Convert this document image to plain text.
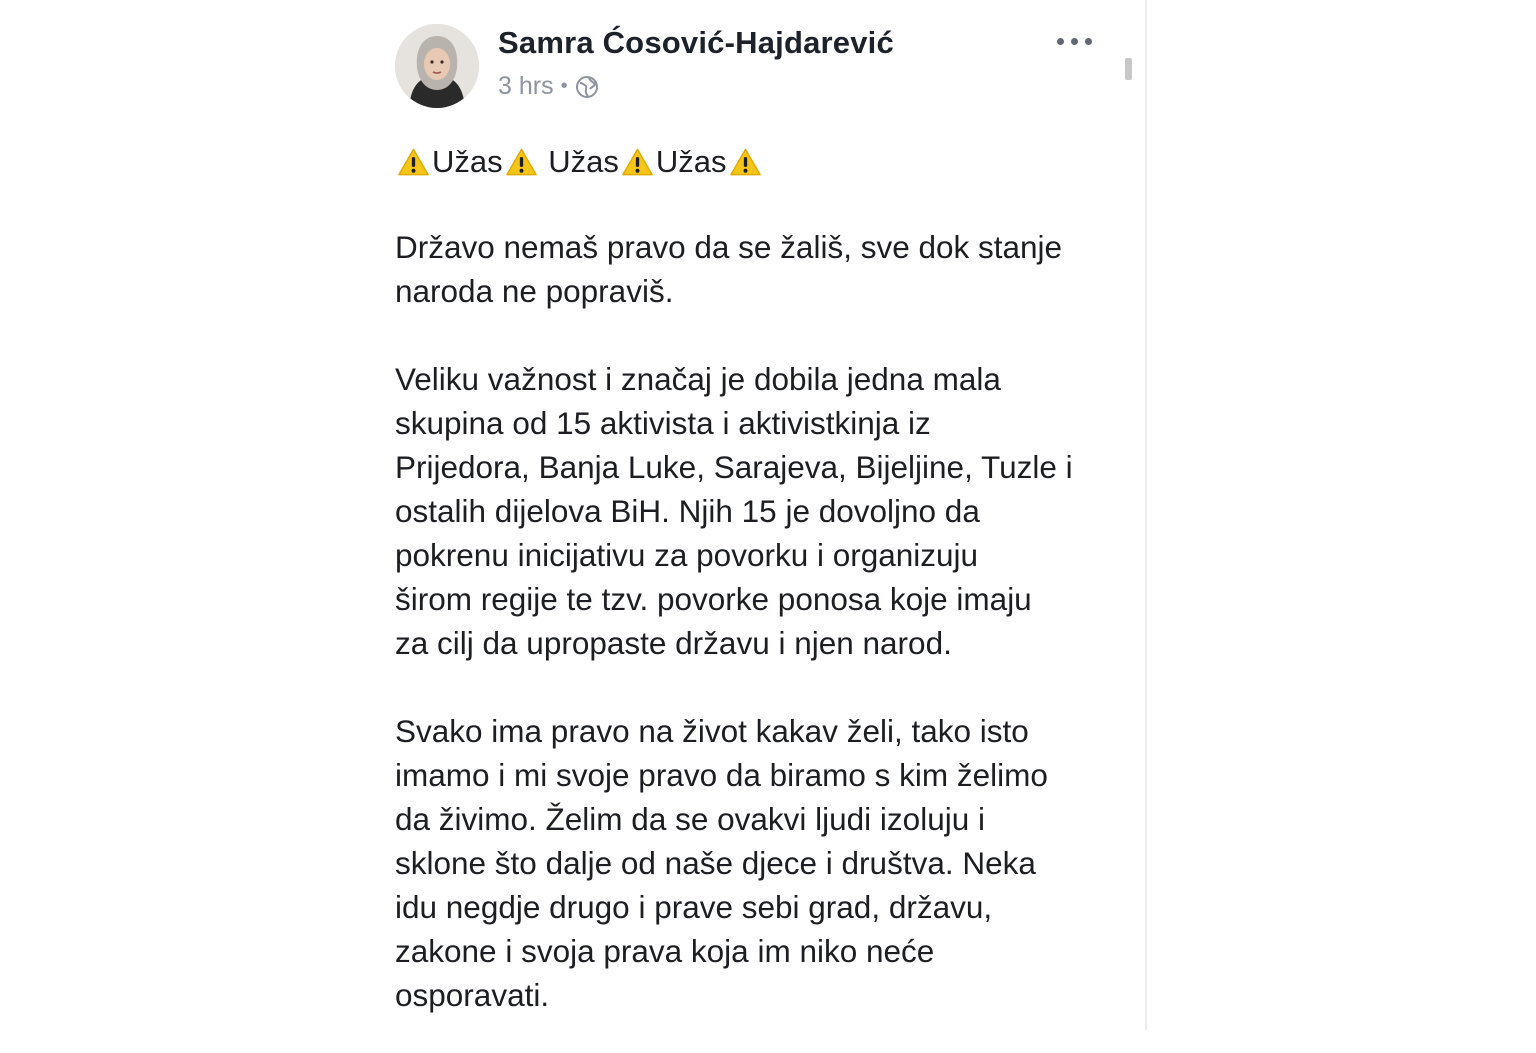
Samra Ćosović-Hajdarević
3 hrs •
Užas Užas Užas

Državo nemaš pravo da se žališ, sve dok stanje
naroda ne popraviš.

Veliku važnost i značaj je dobila jedna mala
skupina od 15 aktivista i aktivistkinja iz
Prijedora, Banja Luke, Sarajeva, Bijeljine, Tuzle i
ostalih dijelova BiH. Njih 15 je dovoljno da
pokrenu inicijativu za povorku i organizuju
širom regije te tzv. povorke ponosa koje imaju
za cilj da upropaste državu i njen narod.

Svako ima pravo na život kakav želi, tako isto
imamo i mi svoje pravo da biramo s kim želimo
da živimo. Želim da se ovakvi ljudi izoluju i
sklone što dalje od naše djece i društva. Neka
idu negdje drugo i prave sebi grad, državu,
zakone i svoja prava koja im niko neće
osporavati.
